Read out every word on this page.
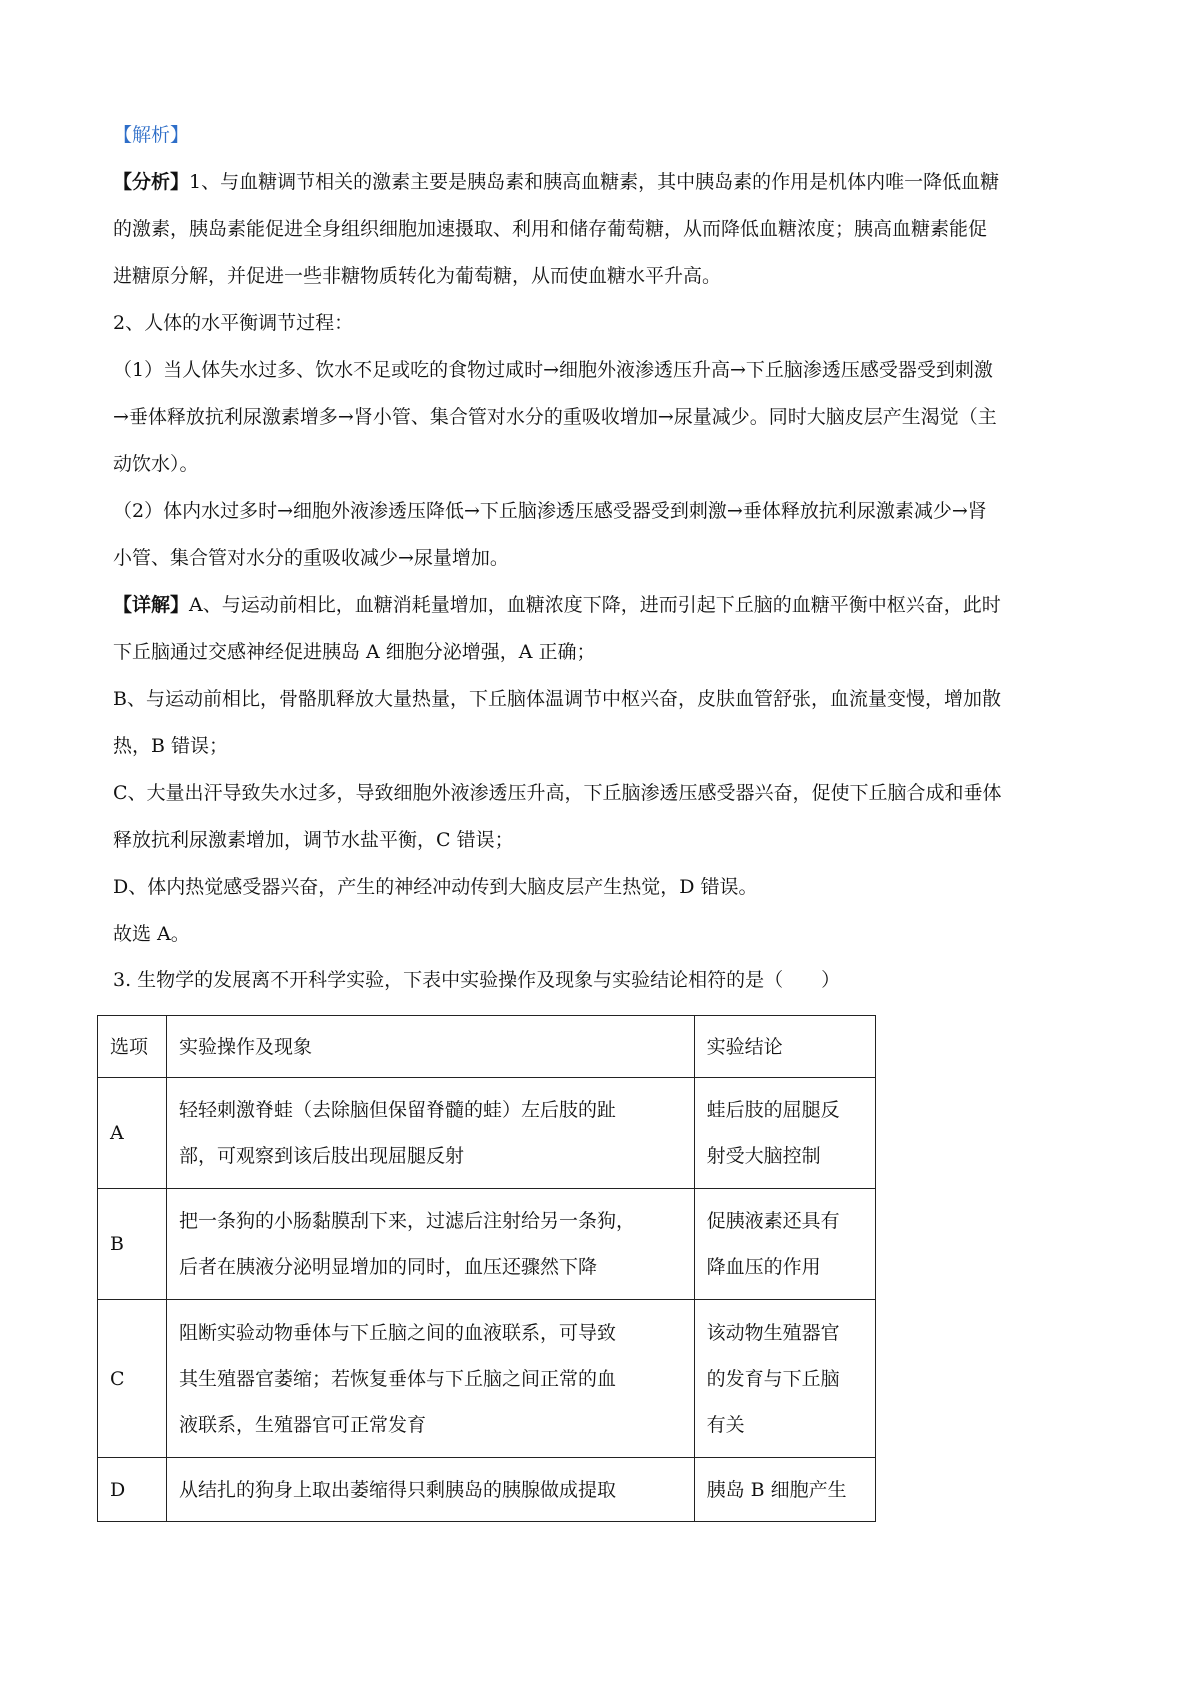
【解析】
【分析】1、与血糖调节相关的激素主要是胰岛素和胰高血糖素，其中胰岛素的作用是机体内唯一降低血糖
的激素，胰岛素能促进全身组织细胞加速摄取、利用和储存葡萄糖，从而降低血糖浓度；胰高血糖素能促
进糖原分解，并促进一些非糖物质转化为葡萄糖，从而使血糖水平升高。
2、人体的水平衡调节过程：
（1）当人体失水过多、饮水不足或吃的食物过咸时→细胞外液渗透压升高→下丘脑渗透压感受器受到刺激
→垂体释放抗利尿激素增多→肾小管、集合管对水分的重吸收增加→尿量减少。同时大脑皮层产生渴觉（主
动饮水）。
（2）体内水过多时→细胞外液渗透压降低→下丘脑渗透压感受器受到刺激→垂体释放抗利尿激素减少→肾
小管、集合管对水分的重吸收减少→尿量增加。
【详解】A、与运动前相比，血糖消耗量增加，血糖浓度下降，进而引起下丘脑的血糖平衡中枢兴奋，此时
下丘脑通过交感神经促进胰岛 A 细胞分泌增强，A 正确；
B、与运动前相比，骨骼肌释放大量热量，下丘脑体温调节中枢兴奋，皮肤血管舒张，血流量变慢，增加散
热，B 错误；
C、大量出汗导致失水过多，导致细胞外液渗透压升高，下丘脑渗透压感受器兴奋，促使下丘脑合成和垂体
释放抗利尿激素增加，调节水盐平衡，C 错误；
D、体内热觉感受器兴奋，产生的神经冲动传到大脑皮层产生热觉，D 错误。
故选 A。
3. 生物学的发展离不开科学实验，下表中实验操作及现象与实验结论相符的是（　　）
选项	实验操作及现象	实验结论
A	轻轻刺激脊蛙（去除脑但保留脊髓的蛙）左后肢的趾
部，可观察到该后肢出现屈腿反射	蛙后肢的屈腿反
射受大脑控制

B	把一条狗的小肠黏膜刮下来，过滤后注射给另一条狗，
后者在胰液分泌明显增加的同时，血压还骤然下降	促胰液素还具有
降血压的作用

C	阻断实验动物垂体与下丘脑之间的血液联系，可导致
其生殖器官萎缩；若恢复垂体与下丘脑之间正常的血
液联系，生殖器官可正常发育	该动物生殖器官
的发育与下丘脑
有关

D	从结扎的狗身上取出萎缩得只剩胰岛的胰腺做成提取	胰岛 B 细胞产生
